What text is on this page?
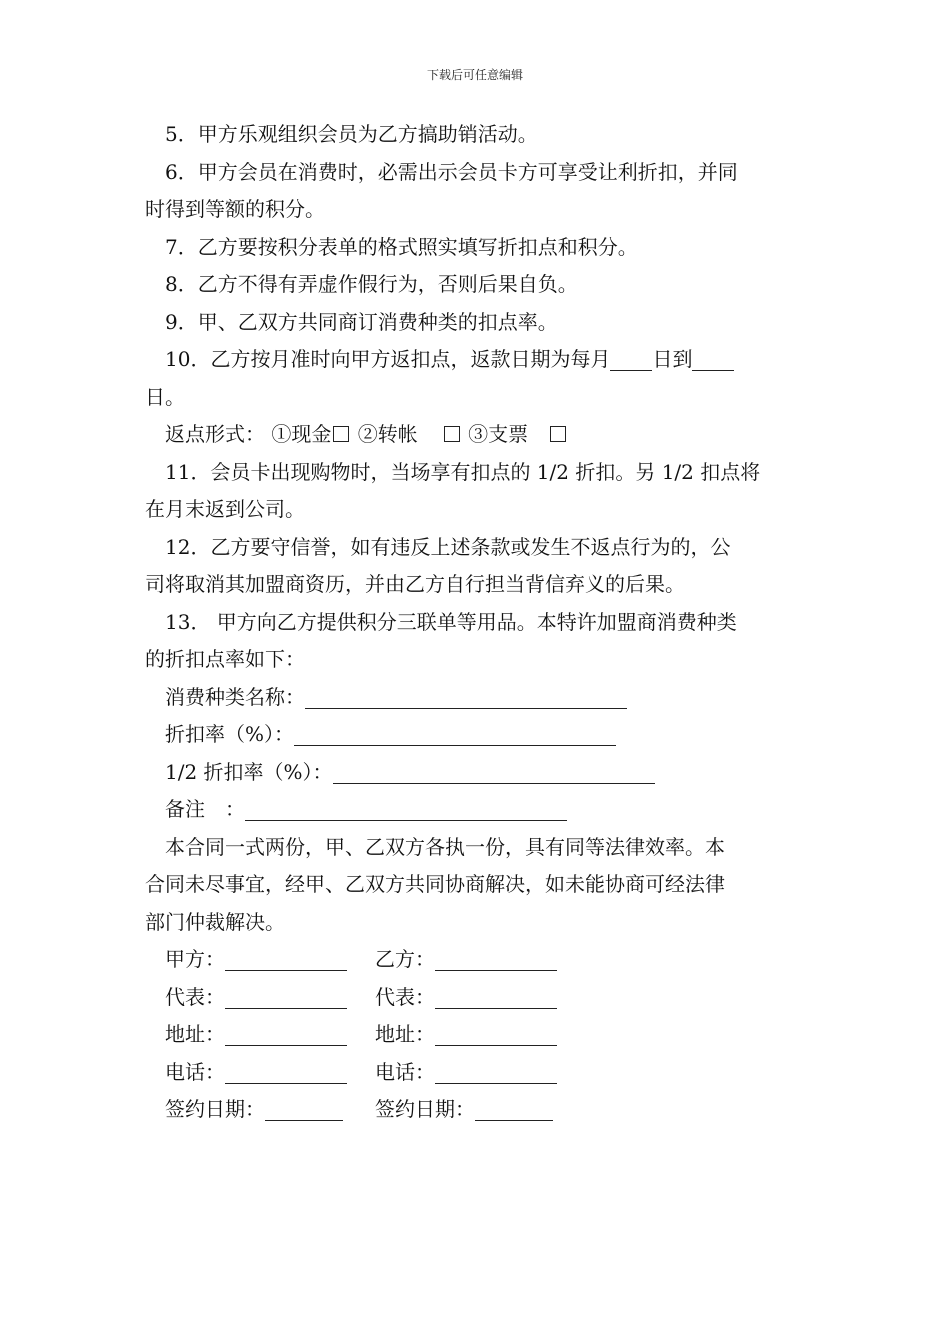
下载后可任意编辑
5．甲方乐观组织会员为乙方搞助销活动。
6．甲方会员在消费时，必需出示会员卡方可享受让利折扣，并同
时得到等额的积分。
7．乙方要按积分表单的格式照实填写折扣点和积分。
8．乙方不得有弄虚作假行为，否则后果自负。
9．甲、乙双方共同商订消费种类的扣点率。
10．乙方按月准时向甲方返扣点，返款日期为每月 日到
日。
返点形式： ①现金 ②转帐	③支票
11．会员卡出现购物时，当场享有扣点的 1/2 折扣。另 1/2 扣点将
在月末返到公司。
12．乙方要守信誉，如有违反上述条款或发生不返点行为的，公
司将取消其加盟商资历，并由乙方自行担当背信弃义的后果。
13． 甲方向乙方提供积分三联单等用品。本特许加盟商消费种类
的折扣点率如下：
消费种类名称：
折扣率（%）：
1/2 折扣率（%）：
备注　：
本合同一式两份，甲、乙双方各执一份，具有同等法律效率。本
合同未尽事宜，经甲、乙双方共同协商解决，如未能协商可经法律
部门仲裁解决。
甲方：	乙方：
代表：	代表：
地址：	地址：
电话：	电话：
签约日期：	签约日期：
